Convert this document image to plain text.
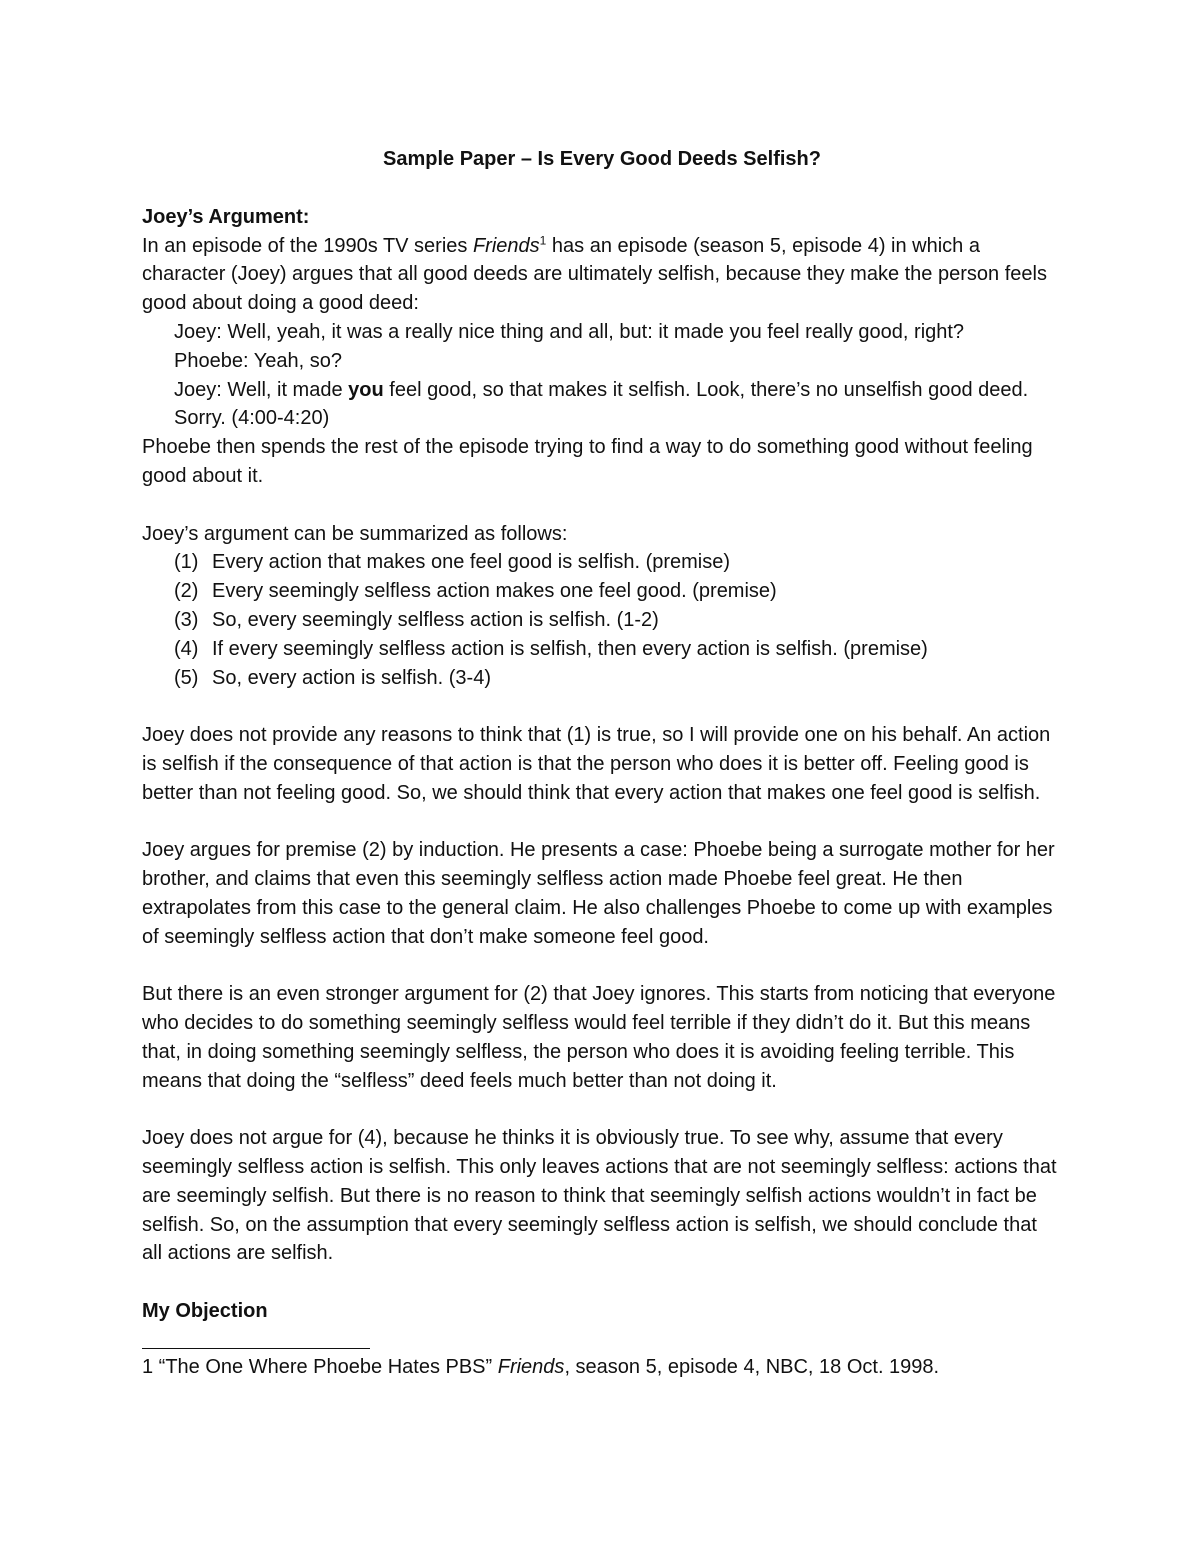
Sample Paper – Is Every Good Deeds Selfish?

Joey’s Argument:

In an episode of the 1990s TV series Friends$^1$ has an episode (season 5, episode 4) in which a character (Joey) argues that all good deeds are ultimately selfish, because they make the person feels good about doing a good deed:

Joey: Well, yeah, it was a really nice thing and all, but: it made you feel really good, right?

Phoebe: Yeah, so?

Joey: Well, it made you feel good, so that makes it selfish. Look, there’s no unselfish good deed. Sorry. (4:00-4:20)

Phoebe then spends the rest of the episode trying to find a way to do something good without feeling good about it.

Joey’s argument can be summarized as follows:

(1) Every action that makes one feel good is selfish. (premise)
(2) Every seemingly selfless action makes one feel good. (premise)
(3) So, every seemingly selfless action is selfish. (1-2)
(4) If every seemingly selfless action is selfish, then every action is selfish. (premise)
(5) So, every action is selfish. (3-4)

Joey does not provide any reasons to think that (1) is true, so I will provide one on his behalf. An action is selfish if the consequence of that action is that the person who does it is better off. Feeling good is better than not feeling good. So, we should think that every action that makes one feel good is selfish.

Joey argues for premise (2) by induction. He presents a case: Phoebe being a surrogate mother for her brother, and claims that even this seemingly selfless action made Phoebe feel great. He then extrapolates from this case to the general claim. He also challenges Phoebe to come up with examples of seemingly selfless action that don’t make someone feel good.

But there is an even stronger argument for (2) that Joey ignores. This starts from noticing that everyone who decides to do something seemingly selfless would feel terrible if they didn’t do it. But this means that, in doing something seemingly selfless, the person who does it is avoiding feeling terrible. This means that doing the “selfless” deed feels much better than not doing it.

Joey does not argue for (4), because he thinks it is obviously true. To see why, assume that every seemingly selfless action is selfish. This only leaves actions that are not seemingly selfless: actions that are seemingly selfish. But there is no reason to think that seemingly selfish actions wouldn’t in fact be selfish. So, on the assumption that every seemingly selfless action is selfish, we should conclude that all actions are selfish.

My Objection

1 “The One Where Phoebe Hates PBS” Friends, season 5, episode 4, NBC, 18 Oct. 1998.
